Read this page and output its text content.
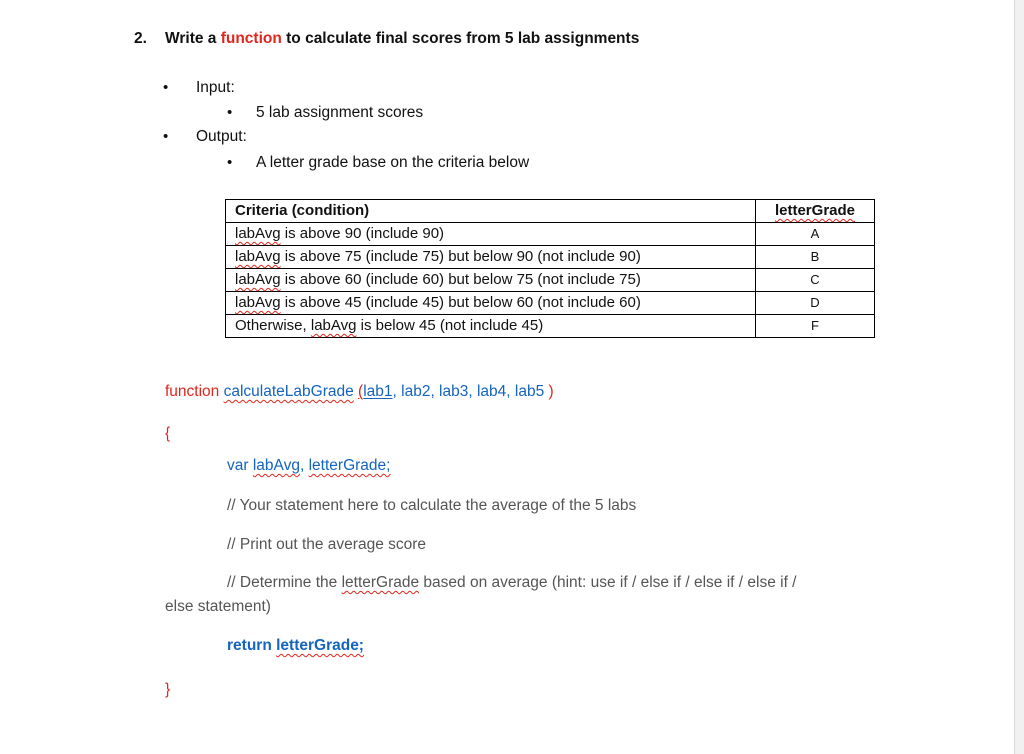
2. Write a function to calculate final scores from 5 lab assignments
• Input:
• 5 lab assignment scores
• Output:
• A letter grade base on the criteria below
Criteria (condition)	letterGrade
labAvg is above 90 (include 90)	A
labAvg is above 75 (include 75) but below 90 (not include 90)	B
labAvg is above 60 (include 60) but below 75 (not include 75)	C
labAvg is above 45 (include 45) but below 60 (not include 60)	D
Otherwise, labAvg is below 45 (not include 45)	F
function calculateLabGrade (lab1, lab2, lab3, lab4, lab5 )
{
var labAvg, letterGrade;
// Your statement here to calculate the average of the 5 labs
// Print out the average score
// Determine the letterGrade based on average (hint: use if / else if / else if / else if /
else statement)
return letterGrade;
}
